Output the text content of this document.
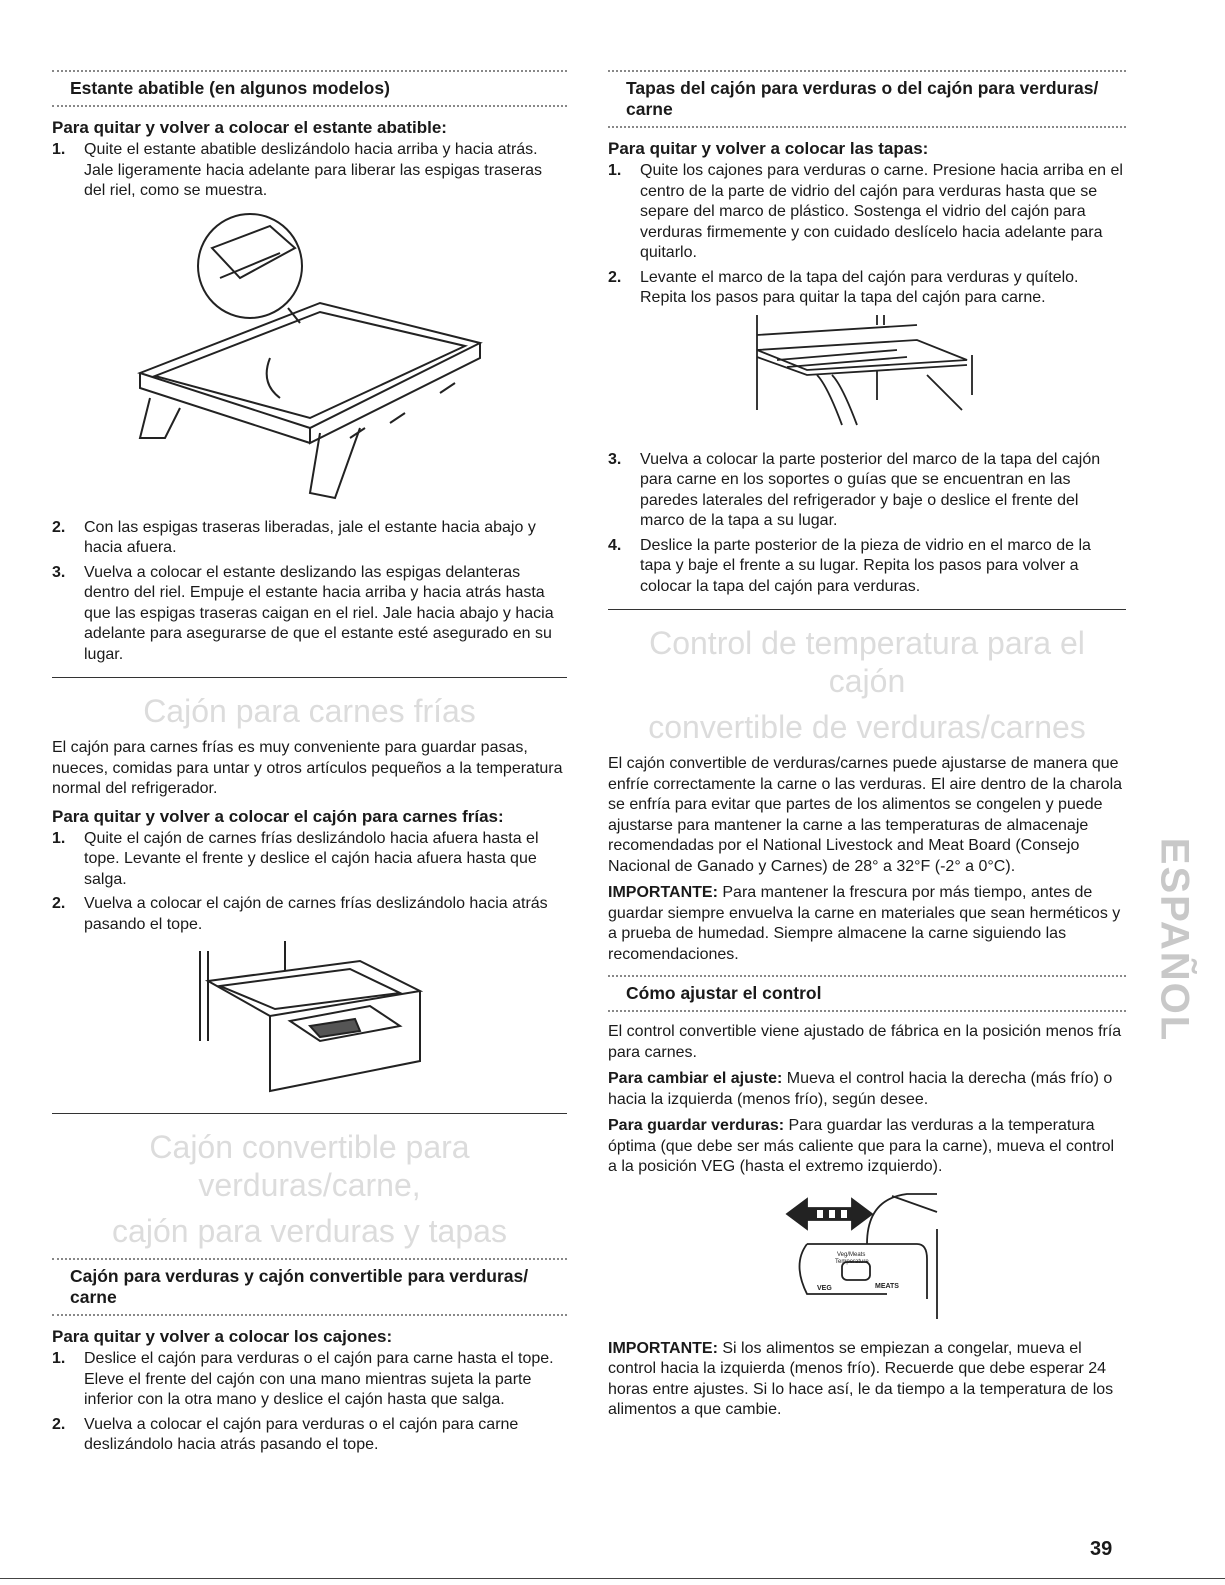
Estante abatible (en algunos modelos)
Para quitar y volver a colocar el estante abatible:
1. Quite el estante abatible deslizándolo hacia arriba y hacia atrás. Jale ligeramente hacia adelante para liberar las espigas traseras del riel, como se muestra.
2. Con las espigas traseras liberadas, jale el estante hacia abajo y hacia afuera.
3. Vuelva a colocar el estante deslizando las espigas delanteras dentro del riel. Empuje el estante hacia arriba y hacia atrás hasta que las espigas traseras caigan en el riel. Jale hacia abajo y hacia adelante para asegurarse de que el estante esté asegurado en su lugar.
Cajón para carnes frías

El cajón para carnes frías es muy conveniente para guardar pasas, nueces, comidas para untar y otros artículos pequeños a la temperatura normal del refrigerador.

Para quitar y volver a colocar el cajón para carnes frías:
1. Quite el cajón de carnes frías deslizándolo hacia afuera hasta el tope. Levante el frente y deslice el cajón hacia afuera hasta que salga.
2. Vuelva a colocar el cajón de carnes frías deslizándolo hacia atrás pasando el tope.
Cajón convertible para verduras/carne,
cajón para verduras y tapas
Cajón para verduras y cajón convertible para verduras/ carne
Para quitar y volver a colocar los cajones:
1. Deslice el cajón para verduras o el cajón para carne hasta el tope. Eleve el frente del cajón con una mano mientras sujeta la parte inferior con la otra mano y deslice el cajón hasta que salga.
2. Vuelva a colocar el cajón para verduras o el cajón para carne deslizándolo hacia atrás pasando el tope.
Tapas del cajón para verduras o del cajón para verduras/ carne
Para quitar y volver a colocar las tapas:
1. Quite los cajones para verduras o carne. Presione hacia arriba en el centro de la parte de vidrio del cajón para verduras hasta que se separe del marco de plástico. Sostenga el vidrio del cajón para verduras firmemente y con cuidado deslícelo hacia adelante para quitarlo.
2. Levante el marco de la tapa del cajón para verduras y quítelo. Repita los pasos para quitar la tapa del cajón para carne.
3. Vuelva a colocar la parte posterior del marco de la tapa del cajón para carne en los soportes o guías que se encuentran en las paredes laterales del refrigerador y baje o deslice el frente del marco de la tapa a su lugar.
4. Deslice la parte posterior de la pieza de vidrio en el marco de la tapa y baje el frente a su lugar. Repita los pasos para volver a colocar la tapa del cajón para verduras.
Control de temperatura para el cajón
convertible de verduras/carnes

El cajón convertible de verduras/carnes puede ajustarse de manera que enfríe correctamente la carne o las verduras. El aire dentro de la charola se enfría para evitar que partes de los alimentos se congelen y puede ajustarse para mantener la carne a las temperaturas de almacenaje recomendadas por el National Livestock and Meat Board (Consejo Nacional de Ganado y Carnes) de 28° a 32°F (-2° a 0°C).

IMPORTANTE: Para mantener la frescura por más tiempo, antes de guardar siempre envuelva la carne en materiales que sean herméticos y a prueba de humedad. Siempre almacene la carne siguiendo las recomendaciones.

Cómo ajustar el control

El control convertible viene ajustado de fábrica en la posición menos fría para carnes.

Para cambiar el ajuste: Mueva el control hacia la derecha (más frío) o hacia la izquierda (menos frío), según desee.

Para guardar verduras: Para guardar las verduras a la temperatura óptima (que debe ser más caliente que para la carne), mueva el control a la posición VEG (hasta el extremo izquierdo).

Veg/Meats
Temperature
VEG	MEATS

IMPORTANTE: Si los alimentos se empiezan a congelar, mueva el control hacia la izquierda (menos frío). Recuerde que debe esperar 24 horas entre ajustes. Si lo hace así, le da tiempo a la temperatura de los alimentos a que cambie.

ESPAÑOL
39
